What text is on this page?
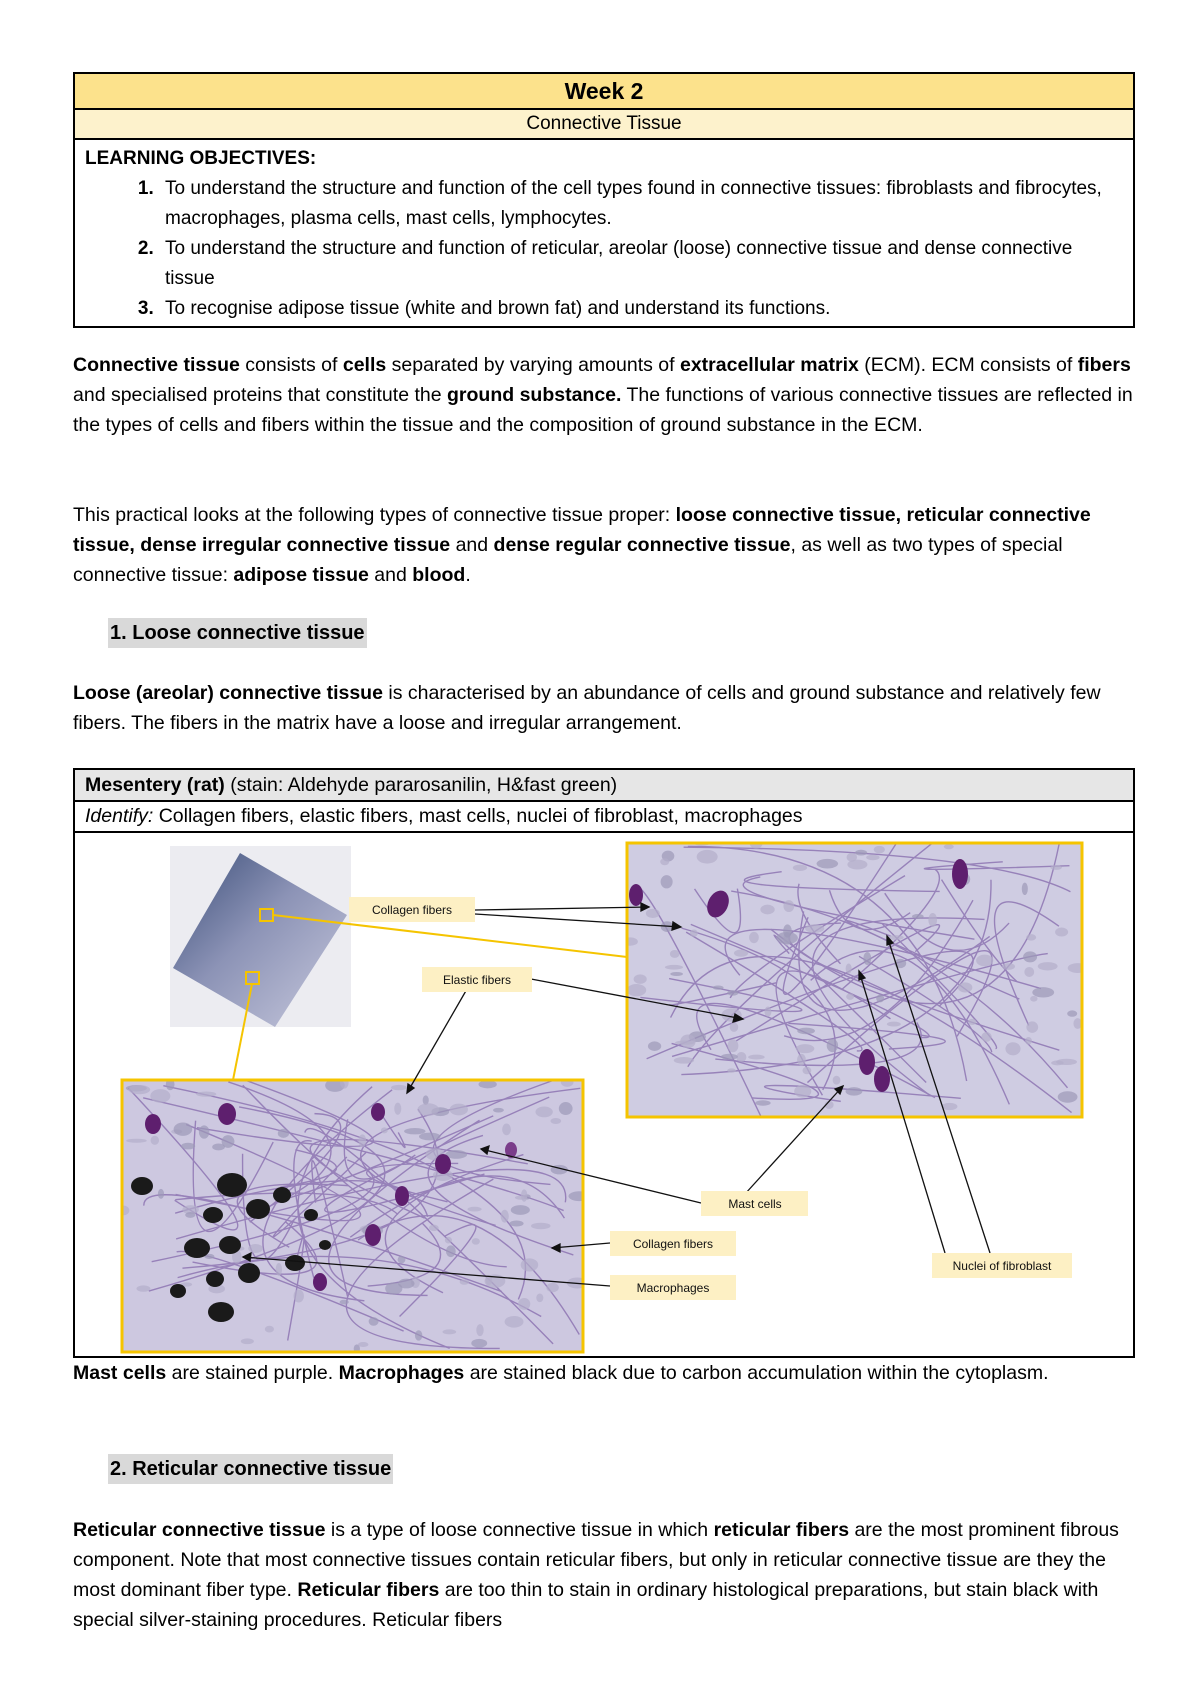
Week 2
Connective Tissue
LEARNING OBJECTIVES:
1. To understand the structure and function of the cell types found in connective tissues: fibroblasts and fibrocytes, macrophages, plasma cells, mast cells, lymphocytes.
2. To understand the structure and function of reticular, areolar (loose) connective tissue and dense connective tissue
3. To recognise adipose tissue (white and brown fat) and understand its functions.

Connective tissue consists of cells separated by varying amounts of extracellular matrix (ECM). ECM consists of fibers and specialised proteins that constitute the ground substance. The functions of various connective tissues are reflected in the types of cells and fibers within the tissue and the composition of ground substance in the ECM.

This practical looks at the following types of connective tissue proper: loose connective tissue, reticular connective tissue, dense irregular connective tissue and dense regular connective tissue, as well as two types of special connective tissue: adipose tissue and blood.

1. Loose connective tissue

Loose (areolar) connective tissue is characterised by an abundance of cells and ground substance and relatively few fibers. The fibers in the matrix have a loose and irregular arrangement.

Mesentery (rat) (stain: Aldehyde pararosanilin, H&fast green)
Identify: Collagen fibers, elastic fibers, mast cells, nuclei of fibroblast, macrophages
Collagen fibers
Elastic fibers
Mast cells
Collagen fibers
Macrophages
Nuclei of fibroblast

Mast cells are stained purple. Macrophages are stained black due to carbon accumulation within the cytoplasm.

2. Reticular connective tissue

Reticular connective tissue is a type of loose connective tissue in which reticular fibers are the most prominent fibrous component. Note that most connective tissues contain reticular fibers, but only in reticular connective tissue are they the most dominant fiber type. Reticular fibers are too thin to stain in ordinary histological preparations, but stain black with special silver-staining procedures. Reticular fibers
